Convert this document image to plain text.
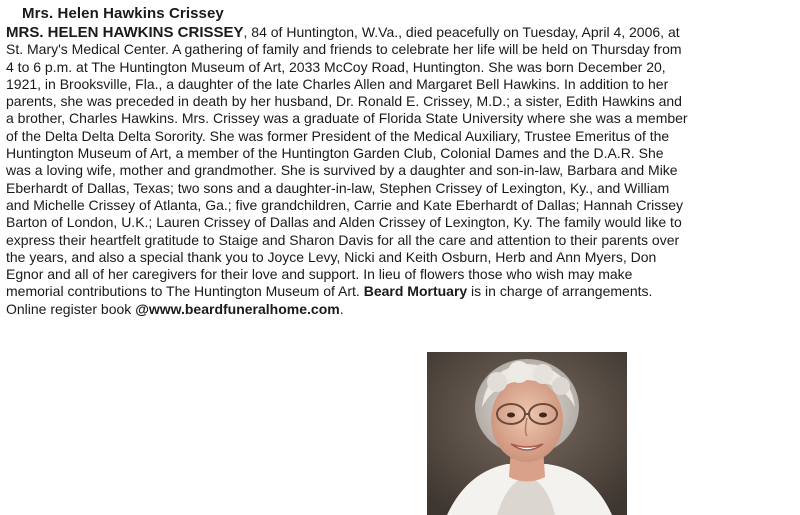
Mrs. Helen Hawkins Crissey
MRS. HELEN HAWKINS CRISSEY, 84 of Huntington, W.Va., died peacefully on Tuesday, April 4, 2006, at
St. Mary's Medical Center. A gathering of family and friends to celebrate her life will be held on Thursday from
4 to 6 p.m. at The Huntington Museum of Art, 2033 McCoy Road, Huntington. She was born December 20,
1921, in Brooksville, Fla., a daughter of the late Charles Allen and Margaret Bell Hawkins. In addition to her
parents, she was preceded in death by her husband, Dr. Ronald E. Crissey, M.D.; a sister, Edith Hawkins and
a brother, Charles Hawkins. Mrs. Crissey was a graduate of Florida State University where she was a member
of the Delta Delta Delta Sorority. She was former President of the Medical Auxiliary, Trustee Emeritus of the
Huntington Museum of Art, a member of the Huntington Garden Club, Colonial Dames and the D.A.R. She
was a loving wife, mother and grandmother. She is survived by a daughter and son-in-law, Barbara and Mike
Eberhardt of Dallas, Texas; two sons and a daughter-in-law, Stephen Crissey of Lexington, Ky., and William
and Michelle Crissey of Atlanta, Ga.; five grandchildren, Carrie and Kate Eberhardt of Dallas; Hannah Crissey
Barton of London, U.K.; Lauren Crissey of Dallas and Alden Crissey of Lexington, Ky. The family would like to
express their heartfelt gratitude to Staige and Sharon Davis for all the care and attention to their parents over
the years, and also a special thank you to Joyce Levy, Nicki and Keith Osburn, Herb and Ann Myers, Don
Egnor and all of her caregivers for their love and support. In lieu of flowers those who wish may make
memorial contributions to The Huntington Museum of Art. Beard Mortuary is in charge of arrangements.
Online register book @www.beardfuneralhome.com.
